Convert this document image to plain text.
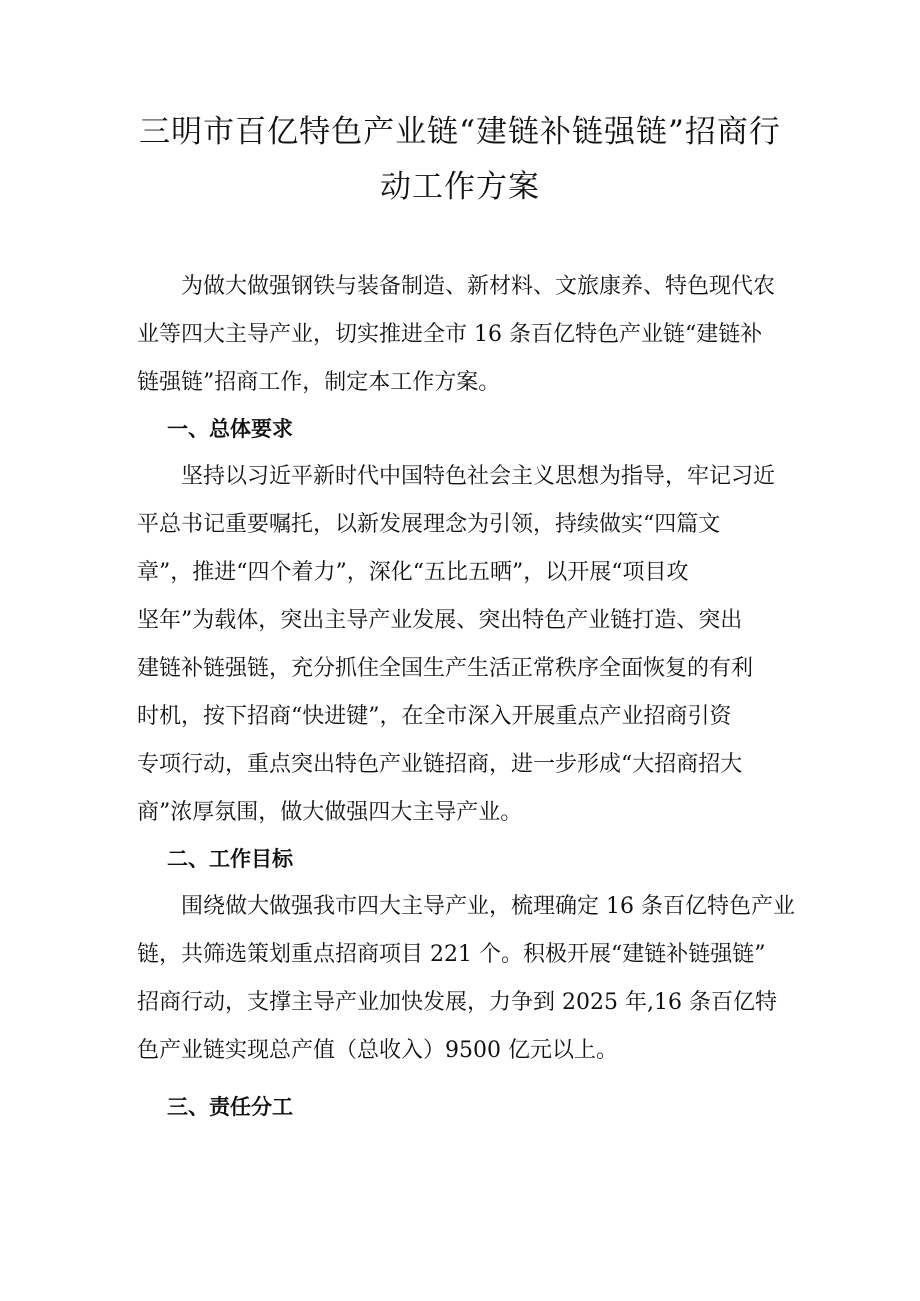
三明市百亿特色产业链“建链补链强链”招商行
动工作方案

　　为做大做强钢铁与装备制造、新材料、文旅康养、特色现代农
业等四大主导产业，切实推进全市 16 条百亿特色产业链“建链补
链强链”招商工作，制定本工作方案。

一、总体要求

　　坚持以习近平新时代中国特色社会主义思想为指导，牢记习近
平总书记重要嘱托，以新发展理念为引领，持续做实“四篇文
章”，推进“四个着力”，深化“五比五晒”，以开展“项目攻
坚年”为载体，突出主导产业发展、突出特色产业链打造、突出
建链补链强链，充分抓住全国生产生活正常秩序全面恢复的有利
时机，按下招商“快进键”，在全市深入开展重点产业招商引资
专项行动，重点突出特色产业链招商，进一步形成“大招商招大
商”浓厚氛围，做大做强四大主导产业。

二、工作目标

　　围绕做大做强我市四大主导产业，梳理确定 16 条百亿特色产业
链，共筛选策划重点招商项目 221 个。积极开展“建链补链强链”
招商行动，支撑主导产业加快发展，力争到 2025 年,16 条百亿特
色产业链实现总产值（总收入）9500 亿元以上。

三、责任分工
